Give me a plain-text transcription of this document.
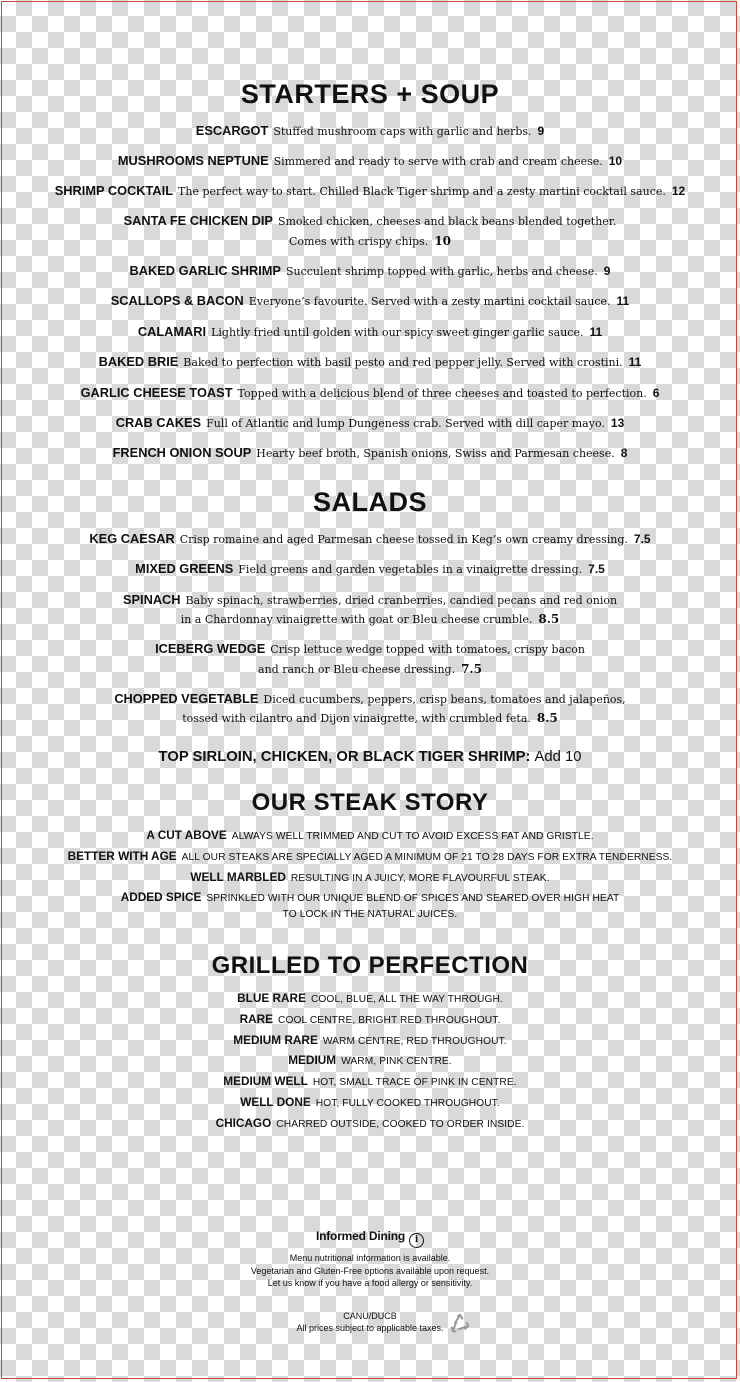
STARTERS + SOUP
ESCARGOT Stuffed mushroom caps with garlic and herbs. 9
MUSHROOMS NEPTUNE Simmered and ready to serve with crab and cream cheese. 10
SHRIMP COCKTAIL The perfect way to start. Chilled Black Tiger shrimp and a zesty martini cocktail sauce. 12
SANTA FE CHICKEN DIP Smoked chicken, cheeses and black beans blended together.
Comes with crispy chips. 10
BAKED GARLIC SHRIMP Succulent shrimp topped with garlic, herbs and cheese. 9
SCALLOPS & BACON Everyone’s favourite. Served with a zesty martini cocktail sauce. 11
CALAMARI Lightly fried until golden with our spicy sweet ginger garlic sauce. 11
BAKED BRIE Baked to perfection with basil pesto and red pepper jelly. Served with crostini. 11
GARLIC CHEESE TOAST Topped with a delicious blend of three cheeses and toasted to perfection. 6
CRAB CAKES Full of Atlantic and lump Dungeness crab. Served with dill caper mayo. 13
FRENCH ONION SOUP Hearty beef broth, Spanish onions, Swiss and Parmesan cheese. 8
SALADS
KEG CAESAR Crisp romaine and aged Parmesan cheese tossed in Keg’s own creamy dressing. 7.5
MIXED GREENS Field greens and garden vegetables in a vinaigrette dressing. 7.5
SPINACH Baby spinach, strawberries, dried cranberries, candied pecans and red onion
in a Chardonnay vinaigrette with goat or Bleu cheese crumble. 8.5
ICEBERG WEDGE Crisp lettuce wedge topped with tomatoes, crispy bacon
and ranch or Bleu cheese dressing. 7.5
CHOPPED VEGETABLE Diced cucumbers, peppers, crisp beans, tomatoes and jalapeños,
tossed with cilantro and Dijon vinaigrette, with crumbled feta. 8.5
TOP SIRLOIN, CHICKEN, OR BLACK TIGER SHRIMP: Add 10
OUR STEAK STORY
A CUT ABOVE ALWAYS WELL TRIMMED AND CUT TO AVOID EXCESS FAT AND GRISTLE.
BETTER WITH AGE ALL OUR STEAKS ARE SPECIALLY AGED A MINIMUM OF 21 TO 28 DAYS FOR EXTRA TENDERNESS.
WELL MARBLED RESULTING IN A JUICY, MORE FLAVOURFUL STEAK.
ADDED SPICE SPRINKLED WITH OUR UNIQUE BLEND OF SPICES AND SEARED OVER HIGH HEAT
TO LOCK IN THE NATURAL JUICES.
GRILLED TO PERFECTION
BLUE RARE COOL, BLUE, ALL THE WAY THROUGH.
RARE COOL CENTRE, BRIGHT RED THROUGHOUT.
MEDIUM RARE WARM CENTRE, RED THROUGHOUT.
MEDIUM WARM, PINK CENTRE.
MEDIUM WELL HOT, SMALL TRACE OF PINK IN CENTRE.
WELL DONE HOT, FULLY COOKED THROUGHOUT.
CHICAGO CHARRED OUTSIDE, COOKED TO ORDER INSIDE.
Informed Dining i
Menu nutritional information is available.
Vegetarian and Gluten-Free options available upon request.
Let us know if you have a food allergy or sensitivity.
CANU/DUCB
All prices subject to applicable taxes.
